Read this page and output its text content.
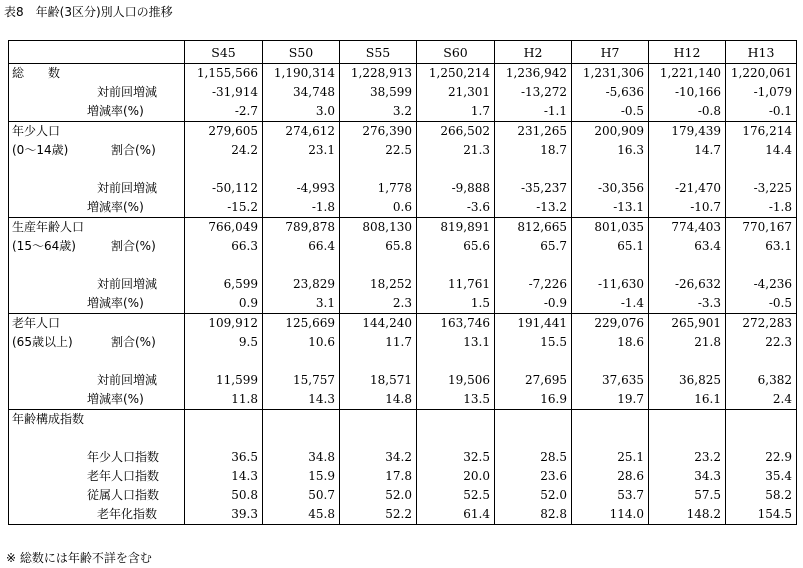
表8　年齢(3区分)別人口の推移
	S45	S50	S55	S60	H2	H7	H12	H13

総　　数	1,155,566	1,190,314	1,228,913	1,250,214	1,236,942	1,231,306	1,221,140	1,220,061

対前回増減	-31,914	34,748	38,599	21,301	-13,272	-5,636	-10,166	-1,079

増減率(%)	-2.7	3.0	3.2	1.7	-1.1	-0.5	-0.8	-0.1

年少人口	279,605	274,612	276,390	266,502	231,265	200,909	179,439	176,214

(0～14歳) 割合(%)	24.2	23.1	22.5	21.3	18.7	16.3	14.7	14.4

対前回増減	-50,112	-4,993	1,778	-9,888	-35,237	-30,356	-21,470	-3,225

増減率(%)	-15.2	-1.8	0.6	-3.6	-13.2	-13.1	-10.7	-1.8

生産年齢人口	766,049	789,878	808,130	819,891	812,665	801,035	774,403	770,167

(15～64歳) 割合(%)	66.3	66.4	65.8	65.6	65.7	65.1	63.4	63.1

対前回増減	6,599	23,829	18,252	11,761	-7,226	-11,630	-26,632	-4,236

増減率(%)	0.9	3.1	2.3	1.5	-0.9	-1.4	-3.3	-0.5

老年人口	109,912	125,669	144,240	163,746	191,441	229,076	265,901	272,283

(65歳以上) 割合(%)	9.5	10.6	11.7	13.1	15.5	18.6	21.8	22.3

対前回増減	11,599	15,757	18,571	19,506	27,695	37,635	36,825	6,382

増減率(%)	11.8	14.3	14.8	13.5	16.9	19.7	16.1	2.4

年齢構成指数								

年少人口指数	36.5	34.8	34.2	32.5	28.5	25.1	23.2	22.9

老年人口指数	14.3	15.9	17.8	20.0	23.6	28.6	34.3	35.4

従属人口指数	50.8	50.7	52.0	52.5	52.0	53.7	57.5	58.2

老年化指数	39.3	45.8	52.2	61.4	82.8	114.0	148.2	154.5
※ 総数には年齢不詳を含む
